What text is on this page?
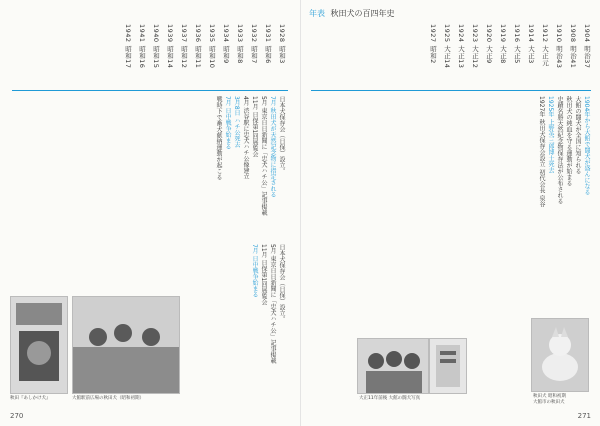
1928 昭和3
1931 昭和6
1932 昭和7
1933 昭和8
1934 昭和9
1935 昭和10
1936 昭和11
1937 昭和12
1939 昭和14
1940 昭和15
1941 昭和16
1942 昭和17

日本犬保存会（日保）設立。

7月 秋田犬が天然記念物に指定される

5月 東京日日新聞に「忠犬ハチ公」記事掲載

11月 日保第1回展覧会

4月 渋谷駅に忠犬ハチ公像建立

3月8日 ハチ公死去

7月 日中戦争始まる

戦時下で畜犬献納運動が起こる

日本犬保存会（日保）設立。

5月 東京日日新聞に「忠犬ハチ公」記事掲載

11月 日保第1回展覧会

7月 日中戦争始まる

秋田『あしかけ犬』	大館駅前広場の秋田犬（昭和初期）
270
年表 秋田犬の百四年史
1904 明治37
1908 明治41
1910 明治43
1912 大正元
1914 大正3
1916 大正5
1919 大正8
1920 大正9
1923 大正12
1924 大正13
1925 大正14
1927 昭和2

1904年から大館で闘犬が盛んになる

大館の闘犬が全国に知られる

秋田犬の純血を守る運動が始まる

史蹟名勝天然紀念物保存法が公布される

1925年 上野英三郎博士死去

1927年 秋田犬保存会設立 初代会長 泉谷

大正11年前後 大館の闘犬写真	秋田犬 昭和初期
大館市の秋田犬
271
